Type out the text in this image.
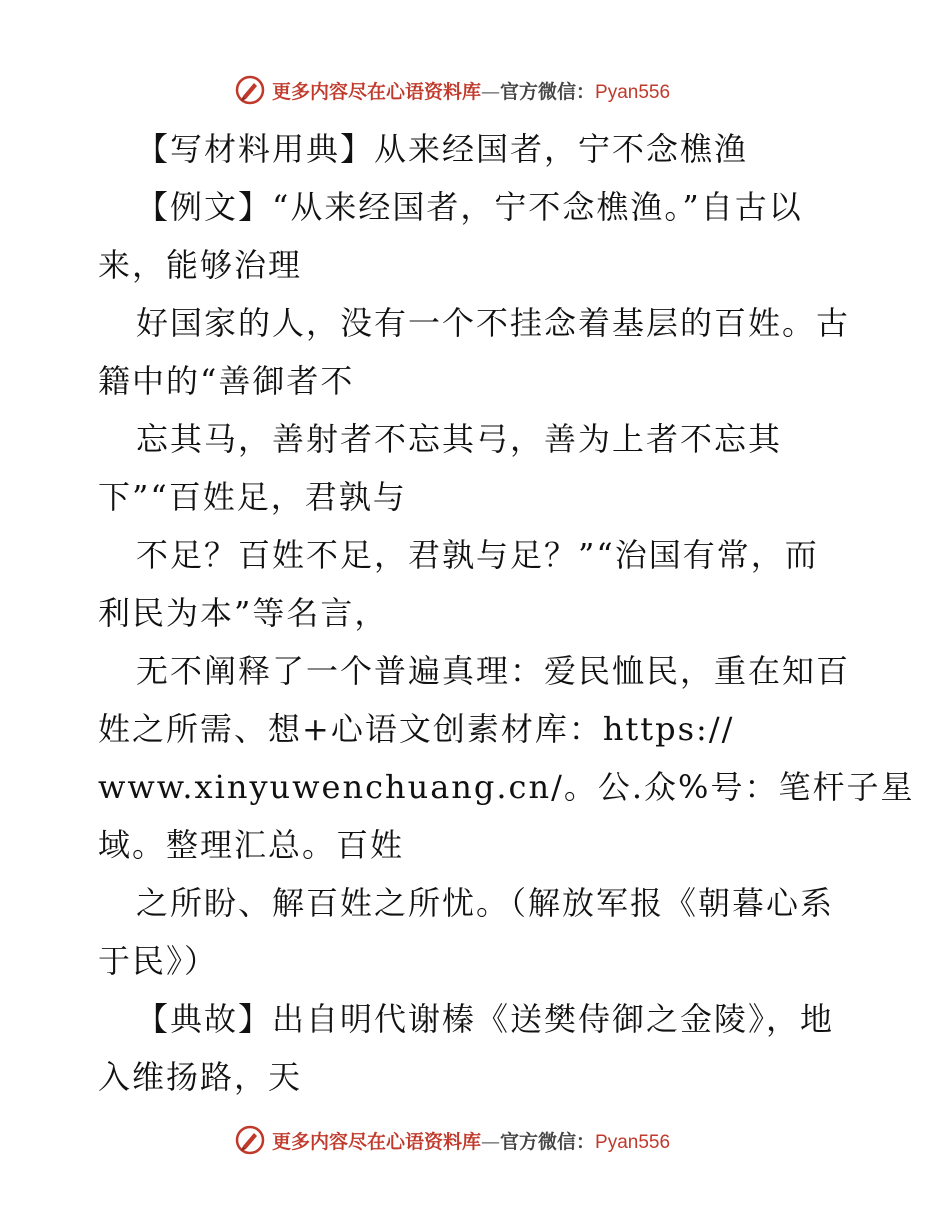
更多内容尽在心语资料库—官方微信：Pyan556
【写材料用典】从来经国者，宁不念樵渔
【例文】“从来经国者，宁不念樵渔。”自古以
来，能够治理
好国家的人，没有一个不挂念着基层的百姓。古
籍中的“善御者不
忘其马，善射者不忘其弓，善为上者不忘其
下”“百姓足，君孰与
不足？百姓不足，君孰与足？”“治国有常，而
利民为本”等名言，
无不阐释了一个普遍真理：爱民恤民，重在知百
姓之所需、想+心语文创素材库：https://
www.xinyuwenchuang.cn/。公.众%号：笔杆子星
域。整理汇总。百姓
之所盼、解百姓之所忧。（解放军报《朝暮心系
于民》）
【典故】出自明代谢榛《送樊侍御之金陵》，地
入维扬路，天
更多内容尽在心语资料库—官方微信：Pyan556
